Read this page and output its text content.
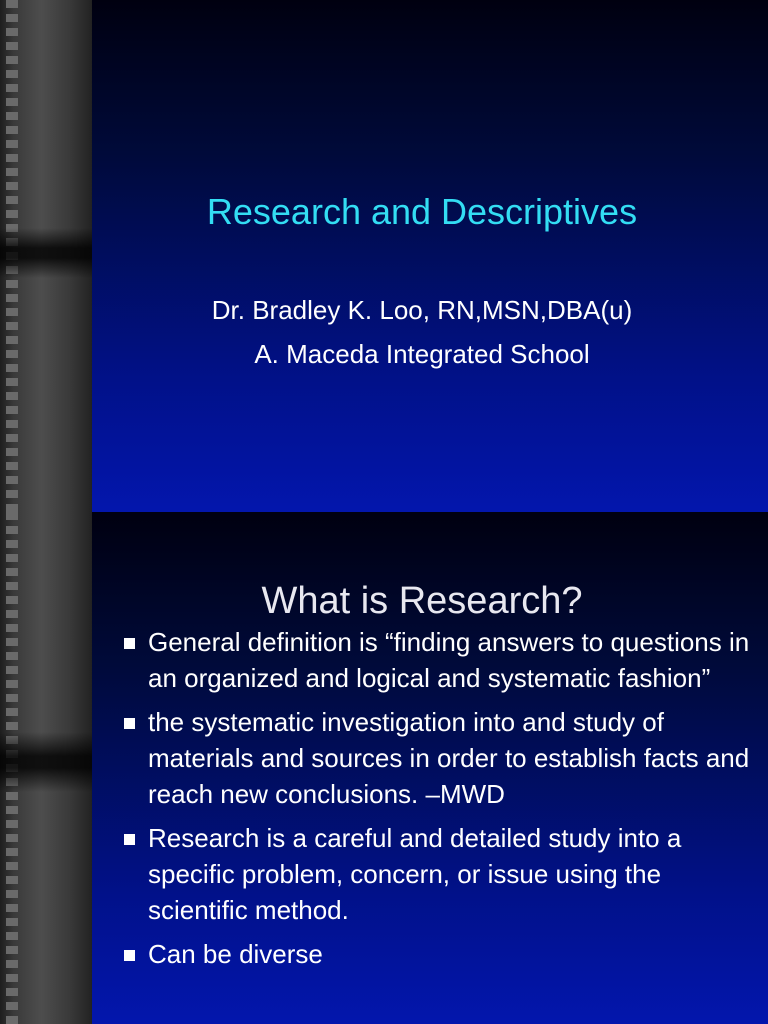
Research and Descriptives
Dr. Bradley K. Loo, RN,MSN,DBA(u)
A. Maceda Integrated School
What is Research?
General definition is “finding answers to questions in an organized and logical and systematic fashion”
the systematic investigation into and study of materials and sources in order to establish facts and reach new conclusions. –MWD
Research is a careful and detailed study into a specific problem, concern, or issue using the scientific method.
Can be diverse
